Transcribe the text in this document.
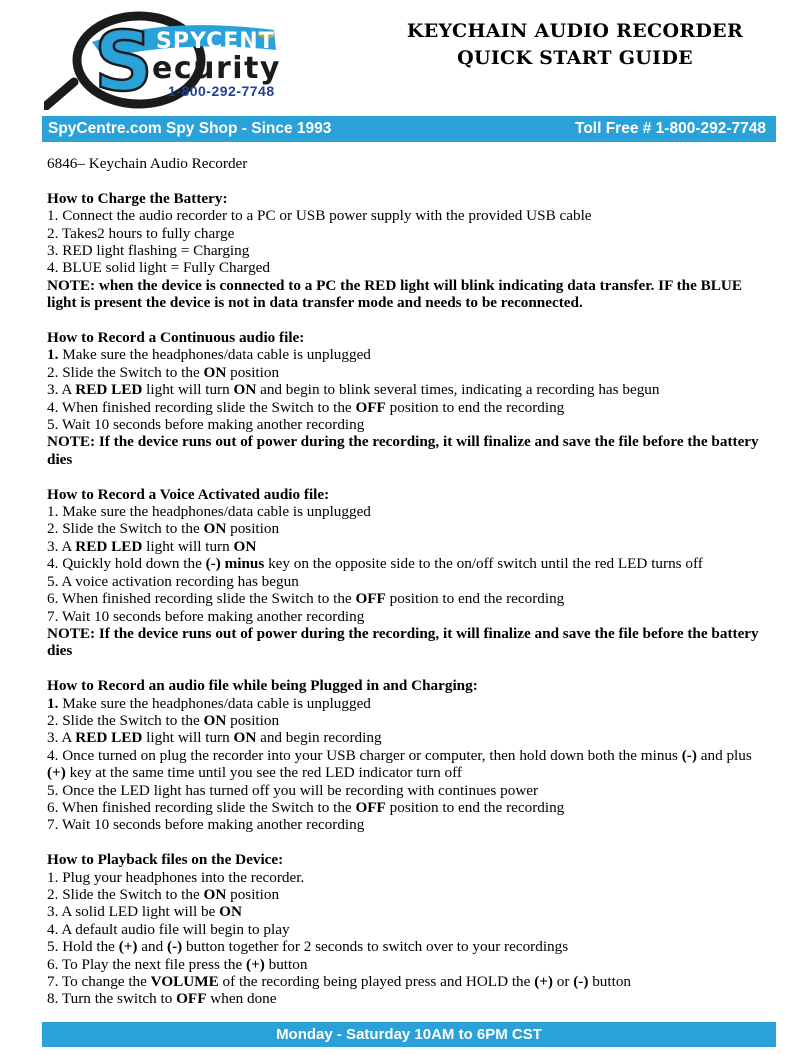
S SPYCENTRE
ecurity
1-800-292-7748
KEYCHAIN AUDIO RECORDER
QUICK START GUIDE
SpyCentre.com Spy Shop - Since 1993	Toll Free # 1-800-292-7748

6846– Keychain Audio Recorder

How to Charge the Battery:

1. Connect the audio recorder to a PC or USB power supply with the provided USB cable

2. Takes2 hours to fully charge

3. RED light flashing = Charging

4. BLUE solid light = Fully Charged

NOTE: when the device is connected to a PC the RED light will blink indicating data transfer. IF the BLUE light is present the device is not in data transfer mode and needs to be reconnected.

How to Record a Continuous audio file:

1. Make sure the headphones/data cable is unplugged

2. Slide the Switch to the ON position

3. A RED LED light will turn ON and begin to blink several times, indicating a recording has begun

4. When finished recording slide the Switch to the OFF position to end the recording

5. Wait 10 seconds before making another recording

NOTE: If the device runs out of power during the recording, it will finalize and save the file before the battery dies

How to Record a Voice Activated audio file:

1. Make sure the headphones/data cable is unplugged

2. Slide the Switch to the ON position

3. A RED LED light will turn ON

4. Quickly hold down the (-) minus key on the opposite side to the on/off switch until the red LED turns off

5. A voice activation recording has begun

6. When finished recording slide the Switch to the OFF position to end the recording

7. Wait 10 seconds before making another recording

NOTE: If the device runs out of power during the recording, it will finalize and save the file before the battery dies

How to Record an audio file while being Plugged in and Charging:

1. Make sure the headphones/data cable is unplugged

2. Slide the Switch to the ON position

3. A RED LED light will turn ON and begin recording

4. Once turned on plug the recorder into your USB charger or computer, then hold down both the minus (-) and plus (+) key at the same time until you see the red LED indicator turn off

5. Once the LED light has turned off you will be recording with continues power

6. When finished recording slide the Switch to the OFF position to end the recording

7. Wait 10 seconds before making another recording

How to Playback files on the Device:

1. Plug your headphones into the recorder.

2. Slide the Switch to the ON position

3. A solid LED light will be ON

4. A default audio file will begin to play

5. Hold the (+) and (-) button together for 2 seconds to switch over to your recordings

6. To Play the next file press the (+) button

7. To change the VOLUME of the recording being played press and HOLD the (+) or (-) button

8. Turn the switch to OFF when done

Monday - Saturday 10AM to 6PM CST
